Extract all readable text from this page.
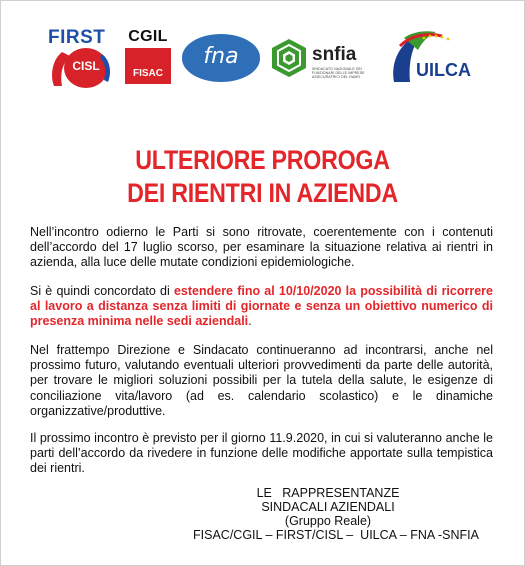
FIRST
CISL
CGIL
FISAC
fna	snfia
SINDACATO NAZIONALE DEI FUNZIONARI DELLE IMPRESE ASSICURATRICI DEL RAMO	UILCA
ULTERIORE PROROGA
DEI RIENTRI IN AZIENDA
Nell’incontro odierno le Parti si sono ritrovate, coerentemente con i contenuti dell’accordo del 17 luglio scorso, per esaminare la situazione relativa ai rientri in azienda, alla luce delle mutate condizioni epidemiologiche.
Si è quindi concordato di estendere fino al 10/10/2020 la possibilità di ricorrere al lavoro a distanza senza limiti di giornate e senza un obiettivo numerico di presenza minima nelle sedi aziendali.
Nel frattempo Direzione e Sindacato continueranno ad incontrarsi, anche nel prossimo futuro, valutando eventuali ulteriori provvedimenti da parte delle autorità, per trovare le migliori soluzioni possibili per la tutela della salute, le esigenze di conciliazione vita/lavoro (ad es. calendario scolastico) e le dinamiche organizzative/produttive.
Il prossimo incontro è previsto per il giorno 11.9.2020, in cui si valuteranno anche le parti dell’accordo da rivedere in funzione delle modifiche apportate sulla tempistica dei rientri.
LE   RAPPRESENTANZE
SINDACALI AZIENDALI
(Gruppo Reale)
FISAC/CGIL – FIRST/CISL –  UILCA – FNA -SNFIA
